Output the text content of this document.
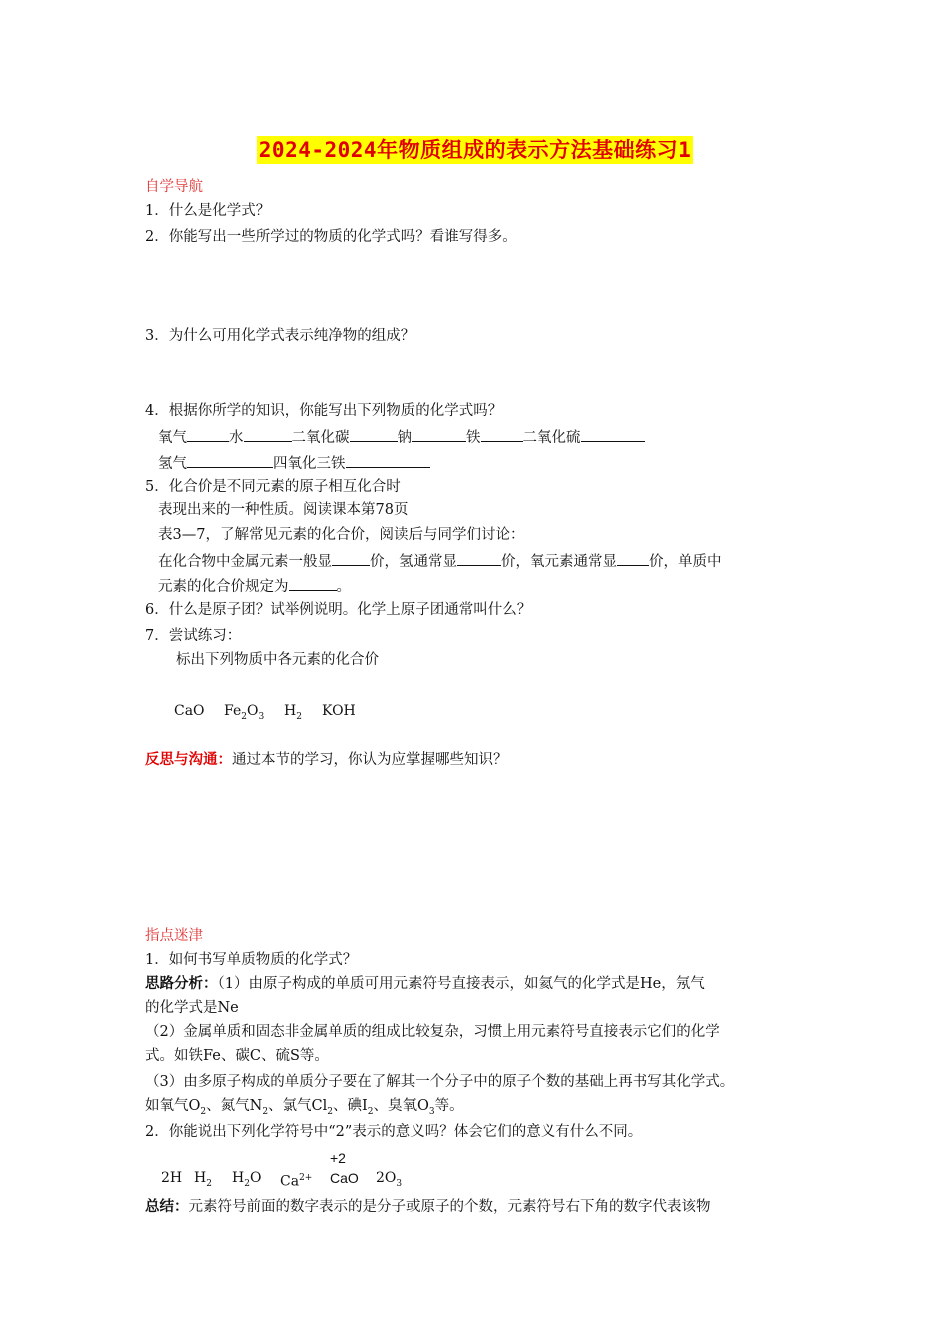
2024-2024年物质组成的表示方法基础练习1
自学导航
1．什么是化学式？
2．你能写出一些所学过的物质的化学式吗？看谁写得多。
3．为什么可用化学式表示纯净物的组成？
4．根据你所学的知识，你能写出下列物质的化学式吗？
氧气	水	二氧化碳	钠	铁	二氧化硫
氢气	四氧化三铁
5．化合价是不同元素的原子相互化合时
表现出来的一种性质。阅读课本第78页
表3—7，了解常见元素的化合价，阅读后与同学们讨论：
在化合物中金属元素一般显	价，氢通常显	价，氧元素通常显 价，单质中
元素的化合价规定为	。
6．什么是原子团？试举例说明。化学上原子团通常叫什么？
7．尝试练习：
标出下列物质中各元素的化合价
CaO $Fe_2O_3$ $H_2$ KOH
反思与沟通：通过本节的学习，你认为应掌握哪些知识？
指点迷津
1．如何书写单质物质的化学式？
思路分析：（1）由原子构成的单质可用元素符号直接表示，如氦气的化学式是He，氖气
的化学式是Ne
（2）金属单质和固态非金属单质的组成比较复杂，习惯上用元素符号直接表示它们的化学
式。如铁Fe、碳C、硫S等。
（3）由多原子构成的单质分子要在了解其一个分子中的原子个数的基础上再书写其化学式。
如氧气$O_2$、氮气$N_2$、氯气$Cl_2$、碘$I_2$、臭氧$O_3$等。
2．你能说出下列化学符号中“2”表示的意义吗？体会它们的意义有什么不同。
+2
2H $H_2$ $H_2O$ $Ca^{2+}$ CaO $2O_3$
总结：元素符号前面的数字表示的是分子或原子的个数，元素符号右下角的数字代表该物
